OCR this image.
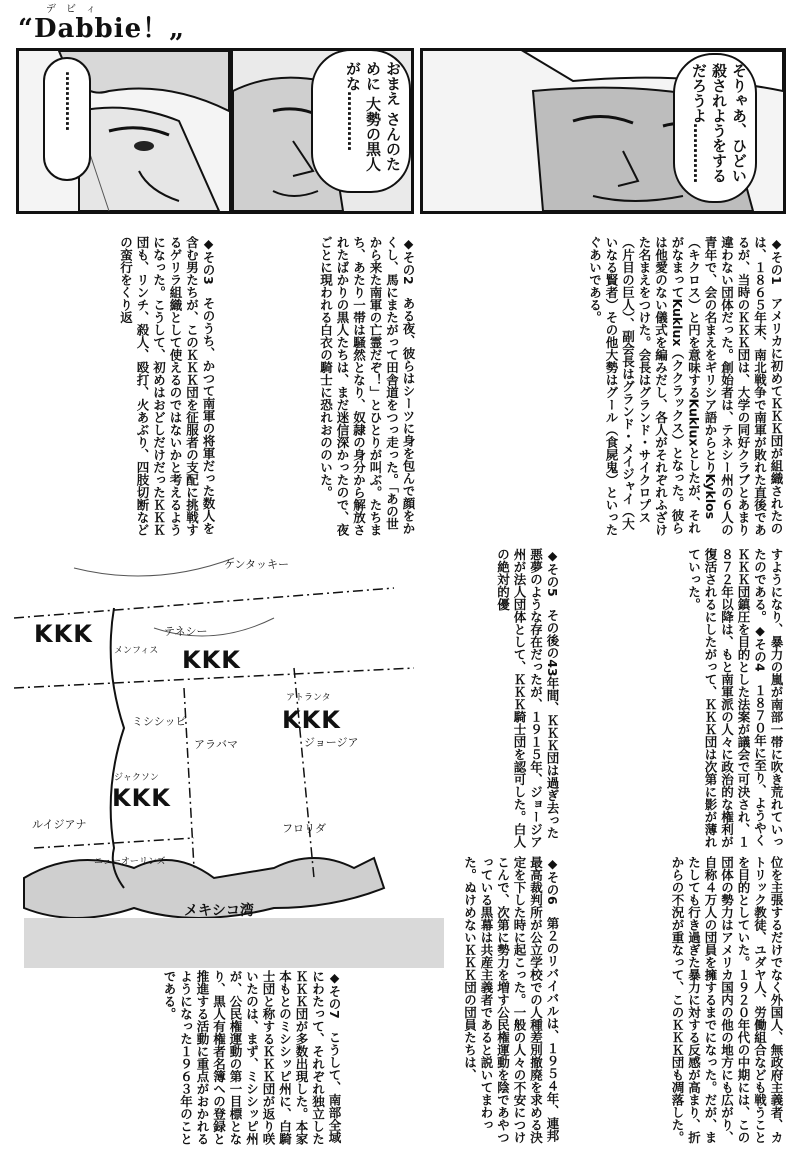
デビィ
“Dabbie！„
…………	おまえ さんのために 大勢の黒人 がな…………	そりゃあ、ひどい 殺されようをする だろうよ…………
◆その1　アメリカに初めてＫＫＫ団が組織されたのは、１８６５年末、南北戦争で南軍が敗れた直後であるが、当時のＫＫＫ団は、大学の同好クラブとあまり違わない団体だった。創始者は、テネシー州の６人の青年で、会の名まえをギリシア語からとりKyklos（キクロス）と円を意味するKukluxとしたが、それがなまってKuklux（ククラックス）となった。彼らは他愛のない儀式を編みだし、各人がそれぞれふざけた名まえをつけた。会長はグランド・サイクロプス（片目の巨人）、副会長はグランド・メイジャイ（大いなる賢者）その他大勢はグール（食屍鬼）といったぐあいである。
◆その2　ある夜、彼らはシーツに身を包んで顔をかくし、馬にまたがって田舎道をつっ走った。「あの世から来た南軍の亡霊だぞ！」とひとりが叫ぶ。たちまち、あたり一帯は騒然となり、奴隷の身分から解放されたばかりの黒人たちは、まだ迷信深かったので、夜ごとに現われる白衣の騎士に恐れおののいた。
◆その3　そのうち、かつて南軍の将軍だった数人を含む男たちが、このＫＫＫ団を征服者の支配に挑戦するゲリラ組織として使えるのではないかと考えるようになった。こうして、初めはおどしだけだったＫＫＫ団も、リンチ、殺人、殴打、火あぶり、四肢切断などの蛮行をくり返
すようになり、暴力の嵐が南部一帯に吹き荒れていったのである。◆その4　１８７０年に至り、ようやくＫＫＫ団鎮圧を目的とした法案が議会で可決され、１８７２年以降は、もと南軍派の人々に政治的な権利が復活されるにしたがって、ＫＫＫ団は次第に影が薄れていった。
◆その5　その後の43年間、ＫＫＫ団は過ぎ去った悪夢のような存在だったが、１９１５年、ジョージア州が法人団体として、ＫＫＫ騎士団を認可した。白人の絶対的優
ケンタッキー
テネシー
メンフィス
ミシシッピ
アラバマ	ジョージア
アトランタ
ジャクソン
ルイジアナ	フロリダ
ニューオーリンズ
KKK
KKK
KKK
KKK
メキシコ湾	位を主張するだけでなく外国人、無政府主義者、カトリック教徒、ユダヤ人、労働組合なども戦うことを目的としていた。１９２０年代の中期には、この団体の勢力はアメリカ国内の他の地方にも広がり、自称４万人の団員を擁するまでになった。だが、またしても行き過ぎた暴力に対する反感が高まり、折からの不況が重なって、このＫＫＫ団も凋落した。
◆その6　第２のリバイバルは、１９５４年、連邦最高裁判所が公立学校での人種差別撤廃を求める決定を下した時に起こった。一般の人々の不安につけこんで、次第に勢力を増す公民権運動を陰であやつっている黒幕は共産主義者であると説いてまわった。ぬけめないＫＫＫ団の団員たちは、
◆その7　こうして、南部全域にわたって、それぞれ独立したＫＫＫ団が多数出現した。本家本もとのミシシッピ州に、白騎士団と称するＫＫＫ団が返り咲いたのは、まず、ミシシッピ州が、公民権運動の第一目標となり、黒人有権者名簿への登録と推進する活動に重点がおかれるようになった１９６３年のことである。
